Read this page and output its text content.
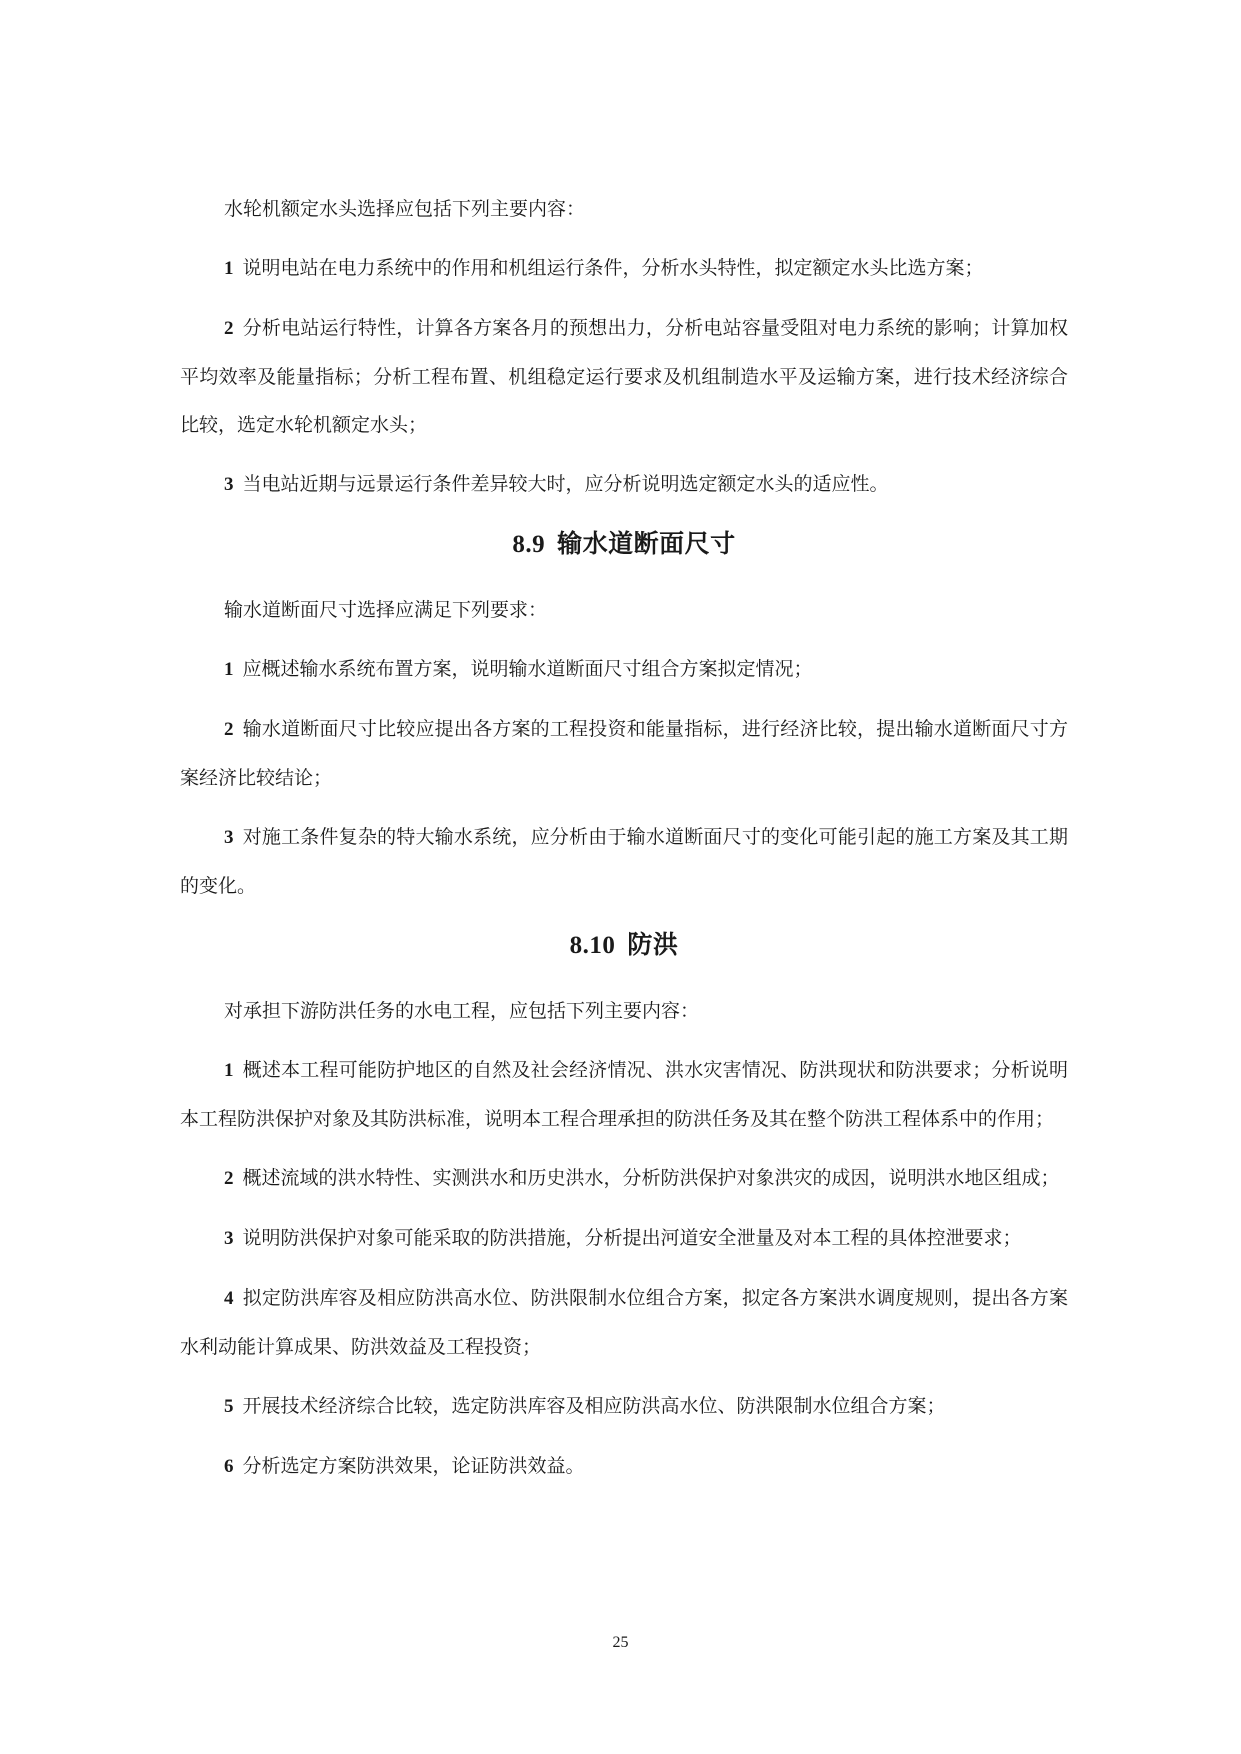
水轮机额定水头选择应包括下列主要内容：

1 说明电站在电力系统中的作用和机组运行条件，分析水头特性，拟定额定水头比选方案；

2 分析电站运行特性，计算各方案各月的预想出力，分析电站容量受阻对电力系统的影响；计算加权平均效率及能量指标；分析工程布置、机组稳定运行要求及机组制造水平及运输方案，进行技术经济综合比较，选定水轮机额定水头；

3 当电站近期与远景运行条件差异较大时，应分析说明选定额定水头的适应性。

8.9 输水道断面尺寸

输水道断面尺寸选择应满足下列要求：

1 应概述输水系统布置方案，说明输水道断面尺寸组合方案拟定情况；

2 输水道断面尺寸比较应提出各方案的工程投资和能量指标，进行经济比较，提出输水道断面尺寸方案经济比较结论；

3 对施工条件复杂的特大输水系统，应分析由于输水道断面尺寸的变化可能引起的施工方案及其工期的变化。

8.10 防洪

对承担下游防洪任务的水电工程，应包括下列主要内容：

1 概述本工程可能防护地区的自然及社会经济情况、洪水灾害情况、防洪现状和防洪要求；分析说明本工程防洪保护对象及其防洪标准，说明本工程合理承担的防洪任务及其在整个防洪工程体系中的作用；

2 概述流域的洪水特性、实测洪水和历史洪水，分析防洪保护对象洪灾的成因，说明洪水地区组成；

3 说明防洪保护对象可能采取的防洪措施，分析提出河道安全泄量及对本工程的具体控泄要求；

4 拟定防洪库容及相应防洪高水位、防洪限制水位组合方案，拟定各方案洪水调度规则，提出各方案水利动能计算成果、防洪效益及工程投资；

5 开展技术经济综合比较，选定防洪库容及相应防洪高水位、防洪限制水位组合方案；

6 分析选定方案防洪效果，论证防洪效益。

25
